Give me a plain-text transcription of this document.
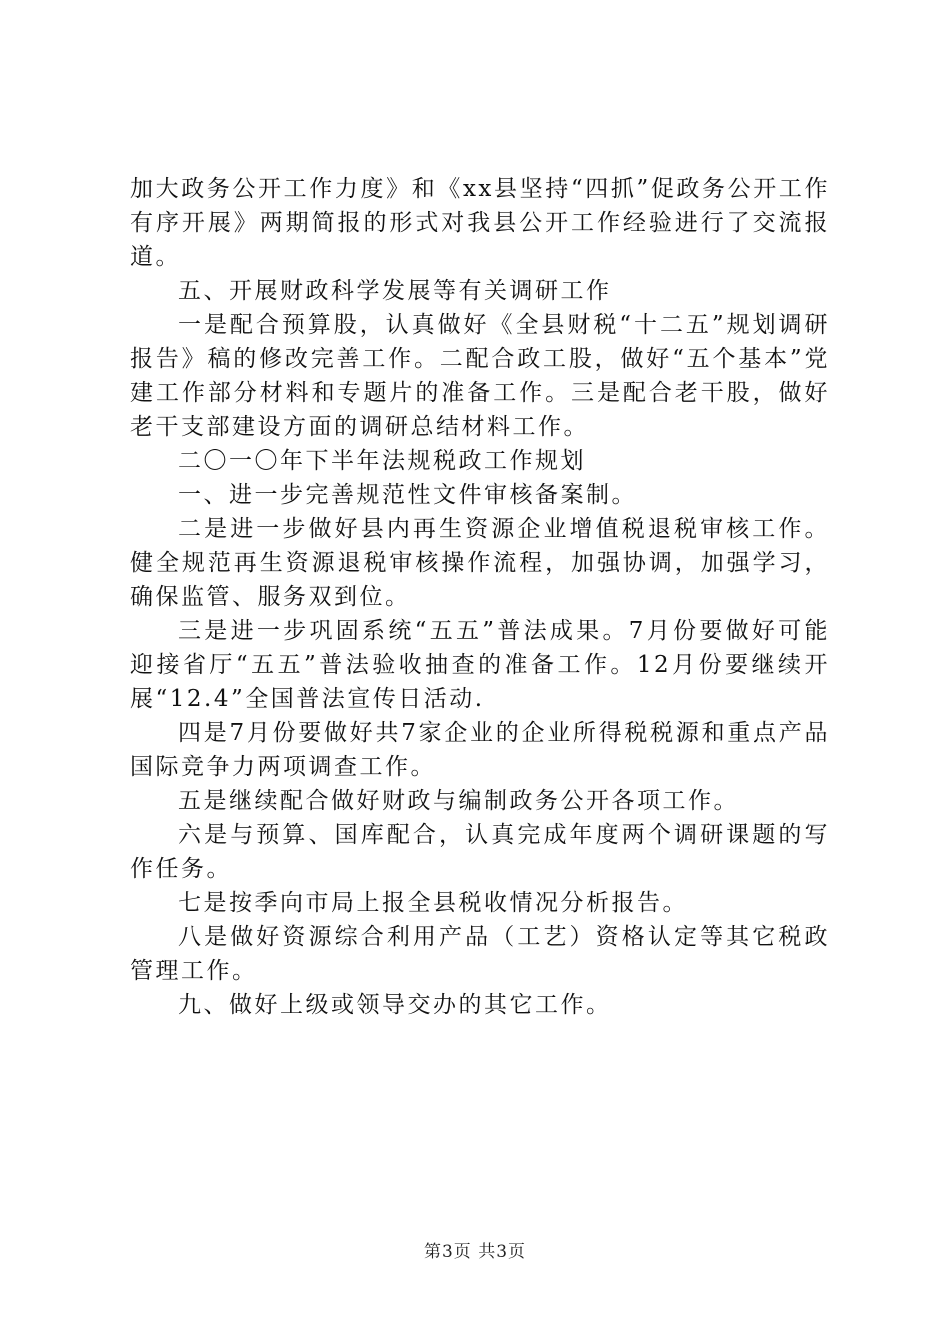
加大政务公开工作力度》和《xx县坚持“四抓”促政务公开工作有序开展》两期简报的形式对我县公开工作经验进行了交流报道。

五、开展财政科学发展等有关调研工作

一是配合预算股，认真做好《全县财税“十二五”规划调研报告》稿的修改完善工作。二配合政工股，做好“五个基本”党建工作部分材料和专题片的准备工作。三是配合老干股，做好老干支部建设方面的调研总结材料工作。

二〇一〇年下半年法规税政工作规划

一、进一步完善规范性文件审核备案制。

二是进一步做好县内再生资源企业增值税退税审核工作。健全规范再生资源退税审核操作流程，加强协调，加强学习，确保监管、服务双到位。

三是进一步巩固系统“五五”普法成果。7月份要做好可能迎接省厅“五五”普法验收抽查的准备工作。12月份要继续开展“12.4”全国普法宣传日活动.

四是7月份要做好共7家企业的企业所得税税源和重点产品国际竞争力两项调查工作。

五是继续配合做好财政与编制政务公开各项工作。

六是与预算、国库配合，认真完成年度两个调研课题的写作任务。

七是按季向市局上报全县税收情况分析报告。

八是做好资源综合利用产品（工艺）资格认定等其它税政管理工作。

九、做好上级或领导交办的其它工作。

第3页 共3页
